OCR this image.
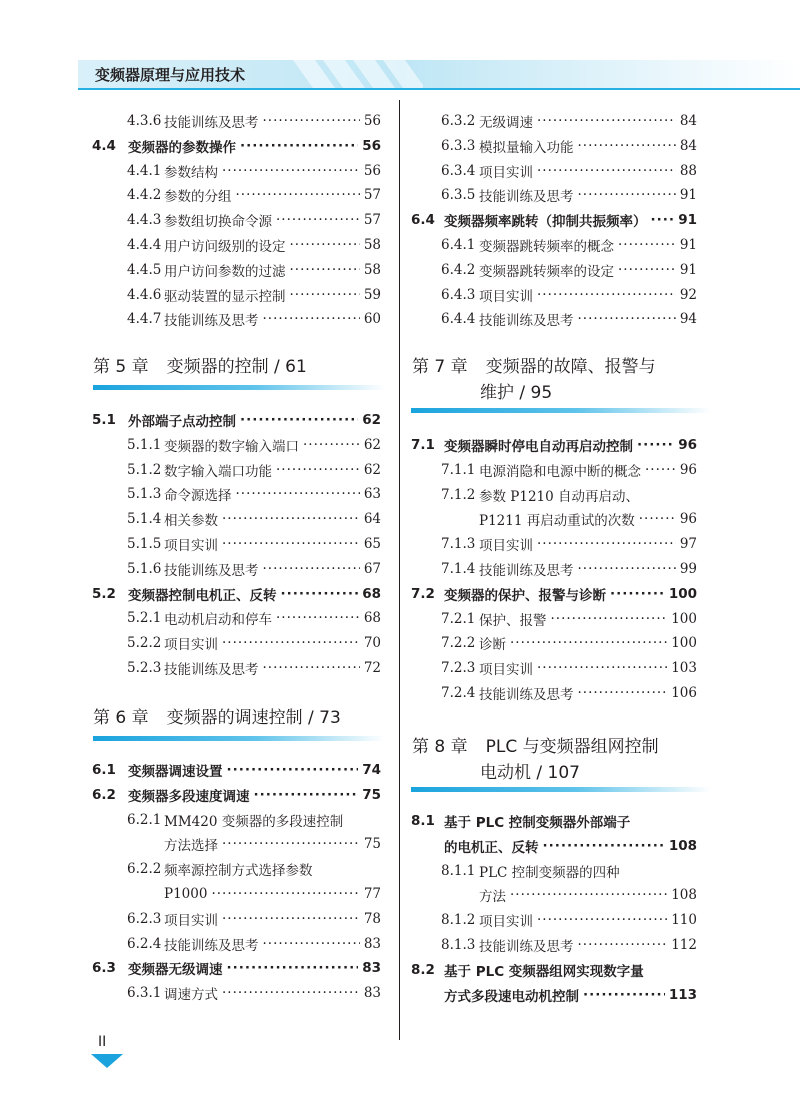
变频器原理与应用技术
第 5 章 变频器的控制 / 61
第 6 章 变频器的调速控制 / 73
第 7 章 变频器的故障、报警与
维护 / 95
第 8 章 PLC 与变频器组网控制
电动机 / 107
II
4.3.6 技能训练及思考 ·····	56
4.4 变频器的参数操作 ·····	56
4.4.1 参数结构 ·····	56
4.4.2 参数的分组 ·····	57
4.4.3 参数组切换命令源 ·····	57
4.4.4 用户访问级别的设定 ·····	58
4.4.5 用户访问参数的过滤 ·····	58
4.4.6 驱动装置的显示控制 ·····	59
4.4.7 技能训练及思考 ·····	60
5.1 外部端子点动控制 ·····	62
5.1.1 变频器的数字输入端口 ·····	62
5.1.2 数字输入端口功能 ·····	62
5.1.3 命令源选择 ·····	63
5.1.4 相关参数 ·····	64
5.1.5 项目实训 ·····	65
5.1.6 技能训练及思考 ·····	67
5.2 变频器控制电机正、反转 ·····	68
5.2.1 电动机启动和停车 ·····	68
5.2.2 项目实训 ·····	70
5.2.3 技能训练及思考 ·····	72
6.1 变频器调速设置 ·····	74
6.2 变频器多段速度调速 ·····	75
6.2.1 MM420 变频器的多段速控制
方法选择 ·····	75
6.2.2 频率源控制方式选择参数
P1000 ·····	77
6.2.3 项目实训 ·····	78
6.2.4 技能训练及思考 ·····	83
6.3 变频器无级调速 ·····	83
6.3.1 调速方式 ·····	83
6.3.2 无级调速 ·····	84
6.3.3 模拟量输入功能 ·····	84
6.3.4 项目实训 ·····	88
6.3.5 技能训练及思考 ·····	91
6.4 变频器频率跳转（抑制共振频率） ····· 91
6.4.1 变频器跳转频率的概念 ·····	91
6.4.2 变频器跳转频率的设定 ·····	91
6.4.3 项目实训 ·····	92
6.4.4 技能训练及思考 ·····	94
7.1 变频器瞬时停电自动再启动控制 ·····	96
7.1.1 电源消隐和电源中断的概念 ·····	96
7.1.2 参数 P1210 自动再启动、
P1211 再启动重试的次数 ·····	96
7.1.3 项目实训 ·····	97
7.1.4 技能训练及思考 ·····	99
7.2 变频器的保护、报警与诊断 ·····	100
7.2.1 保护、报警 ·····	100
7.2.2 诊断 ·····	100
7.2.3 项目实训 ·····	103
7.2.4 技能训练及思考 ·····	106
8.1 基于 PLC 控制变频器外部端子
的电机正、反转 ·····	108
8.1.1 PLC 控制变频器的四种
方法 ·····	108
8.1.2 项目实训 ·····	110
8.1.3 技能训练及思考 ·····	112
8.2 基于 PLC 变频器组网实现数字量
方式多段速电动机控制 ·····	113
